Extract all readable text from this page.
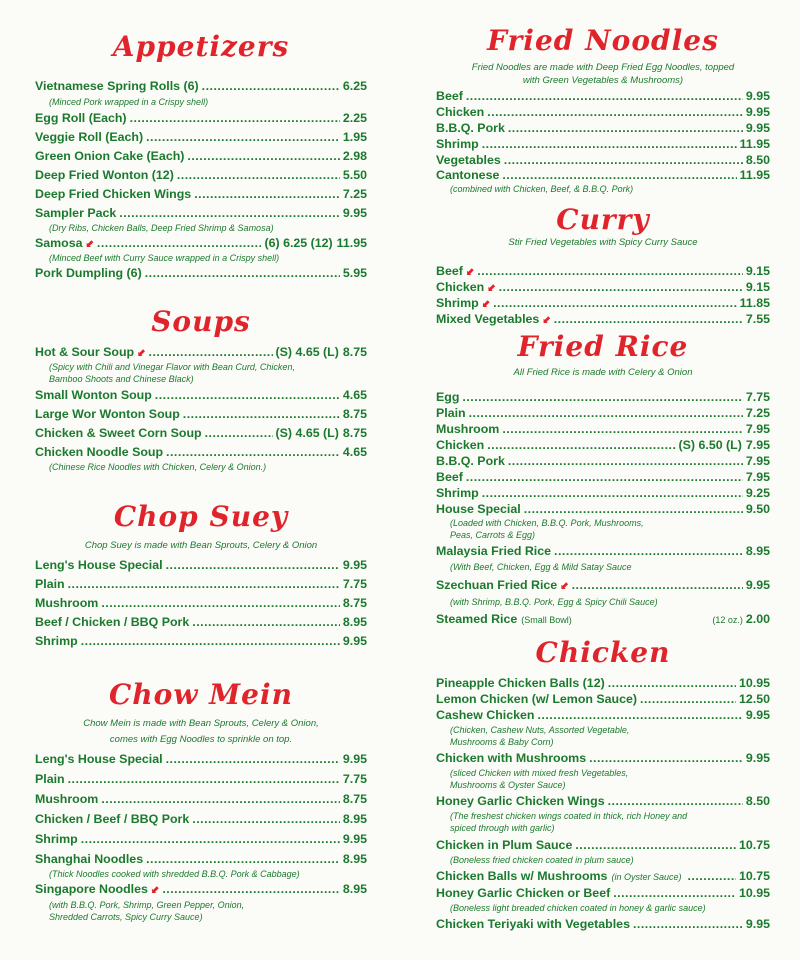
Appetizers
Vietnamese Spring Rolls (6) .....	6.25
(Minced Pork wrapped in a Crispy shell)
Egg Roll (Each) .....	2.25
Veggie Roll (Each) .....	1.95
Green Onion Cake (Each) .....	2.98
Deep Fried Wonton (12) .....	5.50
Deep Fried Chicken Wings .....	7.25
Sampler Pack .....	9.95
(Dry Ribs, Chicken Balls, Deep Fried Shrimp & Samosa)
Samosa ⬋ .....	(6) 6.25 (12) 11.95
(Minced Beef with Curry Sauce wrapped in a Crispy shell)
Pork Dumpling (6) .....	5.95
Soups
Hot & Sour Soup ⬋ .....	(S) 4.65 (L) 8.75
(Spicy with Chili and Vinegar Flavor with Bean Curd, Chicken,
Bamboo Shoots and Chinese Black)
Small Wonton Soup .....	4.65
Large Wor Wonton Soup .....	8.75
Chicken & Sweet Corn Soup .....	(S) 4.65 (L) 8.75
Chicken Noodle Soup .....	4.65
(Chinese Rice Noodles with Chicken, Celery & Onion.)
Chop Suey
Chop Suey is made with Bean Sprouts, Celery & Onion
Leng's House Special .....	9.95
Plain .....	7.75
Mushroom .....	8.75
Beef / Chicken / BBQ Pork .....	8.95
Shrimp .....	9.95
Chow Mein
Chow Mein is made with Bean Sprouts, Celery & Onion,
comes with Egg Noodles to sprinkle on top.
Leng's House Special .....	9.95
Plain .....	7.75
Mushroom .....	8.75
Chicken / Beef / BBQ Pork .....	8.95
Shrimp .....	9.95
Shanghai Noodles .....	8.95
(Thick Noodles cooked with shredded B.B.Q. Pork & Cabbage)
Singapore Noodles ⬋ .....	8.95
(with B.B.Q. Pork, Shrimp, Green Pepper, Onion,
Shredded Carrots, Spicy Curry Sauce)
Fried Noodles
Fried Noodles are made with Deep Fried Egg Noodles, topped
with Green Vegetables & Mushrooms)
Beef .....	9.95
Chicken .....	9.95
B.B.Q. Pork .....	9.95
Shrimp .....	11.95
Vegetables .....	8.50
Cantonese .....	11.95
(combined with Chicken, Beef, & B.B.Q. Pork)
Curry
Stir Fried Vegetables with Spicy Curry Sauce
Beef ⬋ .....	9.15
Chicken ⬋ .....	9.15
Shrimp ⬋ .....	11.85
Mixed Vegetables ⬋ .....	7.55
Fried Rice
All Fried Rice is made with Celery & Onion
Egg .....	7.75
Plain .....	7.25
Mushroom .....	7.95
Chicken .....	(S) 6.50 (L) 7.95
B.B.Q. Pork .....	7.95
Beef .....	7.95
Shrimp .....	9.25
House Special .....	9.50
(Loaded with Chicken, B.B.Q. Pork, Mushrooms,
Peas, Carrots & Egg)
Malaysia Fried Rice .....	8.95
(With Beef, Chicken, Egg & Mild Satay Sauce
Szechuan Fried Rice ⬋ .....	9.95
(with Shrimp, B.B.Q. Pork, Egg & Spicy Chili Sauce)
Steamed Rice (Small Bowl)	(12 oz.) 2.00
Chicken
Pineapple Chicken Balls (12) .....	10.95
Lemon Chicken (w/ Lemon Sauce) .....	12.50
Cashew Chicken .....	9.95
(Chicken, Cashew Nuts, Assorted Vegetable,
Mushrooms & Baby Corn)
Chicken with Mushrooms .....	9.95
(sliced Chicken with mixed fresh Vegetables,
Mushrooms & Oyster Sauce)
Honey Garlic Chicken Wings .....	8.50
(The freshest chicken wings coated in thick, rich Honey and
spiced through with garlic)
Chicken in Plum Sauce .....	10.75
(Boneless fried chicken coated in plum sauce)
Chicken Balls w/ Mushrooms (in Oyster Sauce) .....	10.75
Honey Garlic Chicken or Beef .....	10.95
(Boneless light breaded chicken coated in honey & garlic sauce)
Chicken Teriyaki with Vegetables .....	9.95
